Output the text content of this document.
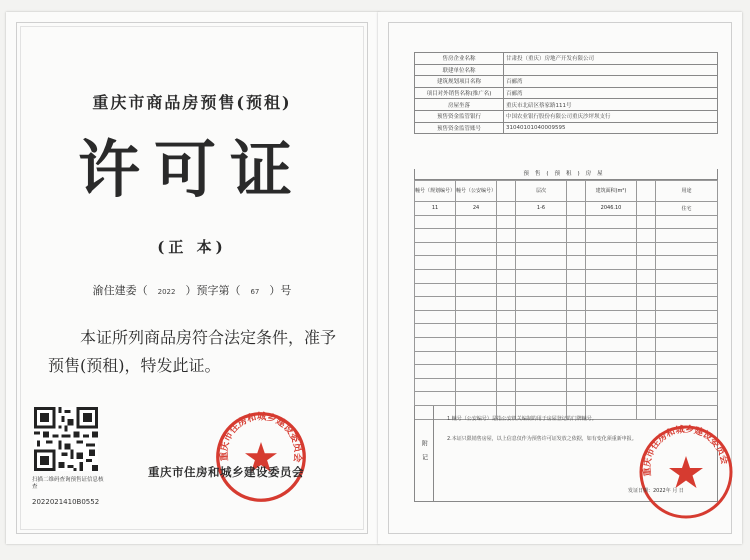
重庆市商品房预售(预租)
许可证
(正 本)
渝住建委（ 2022 ）预字第（ 67 ）号
本证所列商品房符合法定条件，准予预售(预租)，特发此证。
扫描二维码查询预售证信息核查
2022021410B0552
重庆市住房和城乡建设委员会
重庆市住房和城乡建设委员会
售房企业名称	甘肃投（重庆）房地产开发有限公司
联建单位名称	
建筑规划项目名称	百郦湾
项目对外销售名称(推广名)	百郦湾
房屋坐落	重庆市北碚区蔡家路111号
预售资金监管银行	中国农业银行股份有限公司重庆沙坪坝支行
预售资金监管账号	31040101040009595
预售(预租)房屋
幢号（规划编号）	幢号（公安编号）		层次		建筑面积(m²)		用途
11	24		1-6		2046.10		住宅

附记
1.幢号（公安编号）是指公安机关编制的用于房屋登记的门牌幢号。
2.本证只限销售房屋，以上信息仅作为预售许可证发放之依据，如有变化须重新申报。
重庆市住房和城乡建设委员会
发证日期：2022年 月 日
